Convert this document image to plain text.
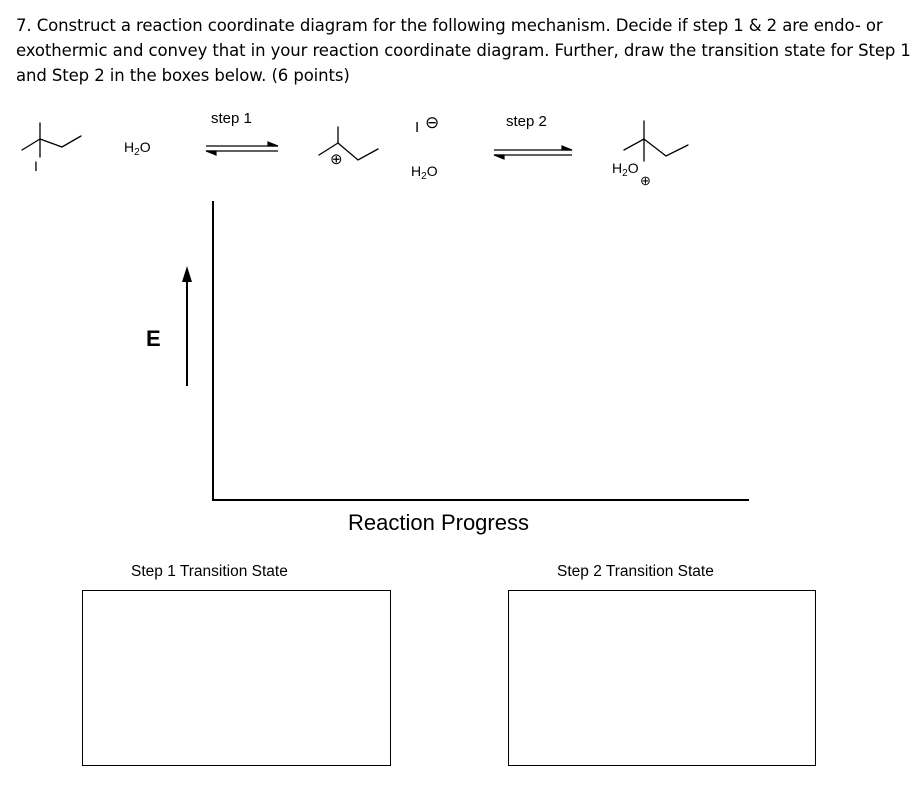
7. Construct a reaction coordinate diagram for the following mechanism. Decide if step 1 & 2 are endo- or exothermic and convey that in your reaction coordinate diagram. Further, draw the transition state for Step 1 and Step 2 in the boxes below. (6 points)
I
$H_2O$
step 1	step 2
⊕
I ⊖
$H_2O$	$H_2O$
⊕
E
Reaction Progress
Step 1 Transition State	Step 2 Transition State
